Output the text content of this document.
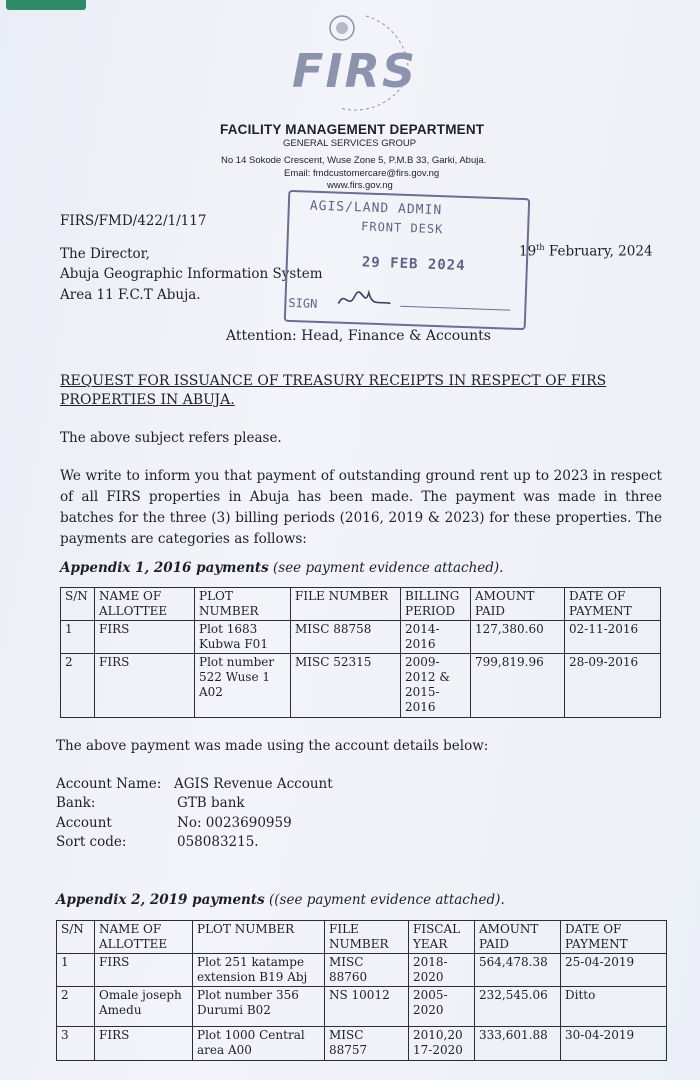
FIRS
FACILITY MANAGEMENT DEPARTMENT
GENERAL SERVICES GROUP
No 14 Sokode Crescent, Wuse Zone 5, P.M.B 33, Garki, Abuja.
Email: fmdcustomercare@firs.gov.ng
www.firs.gov.ng
FIRS/FMD/422/1/117
19th February, 2024
The Director,
Abuja Geographic Information System
Area 11 F.C.T Abuja.
AGIS/LAND ADMIN
FRONT DESK
29 FEB 2024
SIGN
Attention: Head, Finance & Accounts
REQUEST FOR ISSUANCE OF TREASURY RECEIPTS IN RESPECT OF FIRS PROPERTIES IN ABUJA.
The above subject refers please.
We write to inform you that payment of outstanding ground rent up to 2023 in respect of all FIRS properties in Abuja has been made. The payment was made in three batches for the three (3) billing periods (2016, 2019 & 2023) for these properties. The payments are categories as follows:
Appendix 1, 2016 payments (see payment evidence attached).
S/N	NAME OF ALLOTTEE	PLOT NUMBER	FILE NUMBER	BILLING PERIOD	AMOUNT PAID	DATE OF PAYMENT
1	FIRS	Plot 1683 Kubwa F01	MISC 88758	2014-2016	127,380.60	02-11-2016
2	FIRS	Plot number 522 Wuse 1 A02	MISC 52315	2009-2012 & 2015-2016	799,819.96	28-09-2016
The above payment was made using the account details below:
Account Name: AGIS Revenue Account
Bank:	GTB bank
Account	No: 0023690959
Sort code:	058083215.
Appendix 2, 2019 payments ((see payment evidence attached).
S/N	NAME OF ALLOTTEE	PLOT NUMBER	FILE NUMBER	FISCAL YEAR	AMOUNT PAID	DATE OF PAYMENT
1	FIRS	Plot 251 katampe extension B19 Abj	MISC 88760	2018-2020	564,478.38	25-04-2019
2	Omale joseph Amedu	Plot number 356 Durumi B02	NS 10012	2005-2020	232,545.06	Ditto
3	FIRS	Plot 1000 Central area A00	MISC 88757	2010,2017-2020	333,601.88	30-04-2019
